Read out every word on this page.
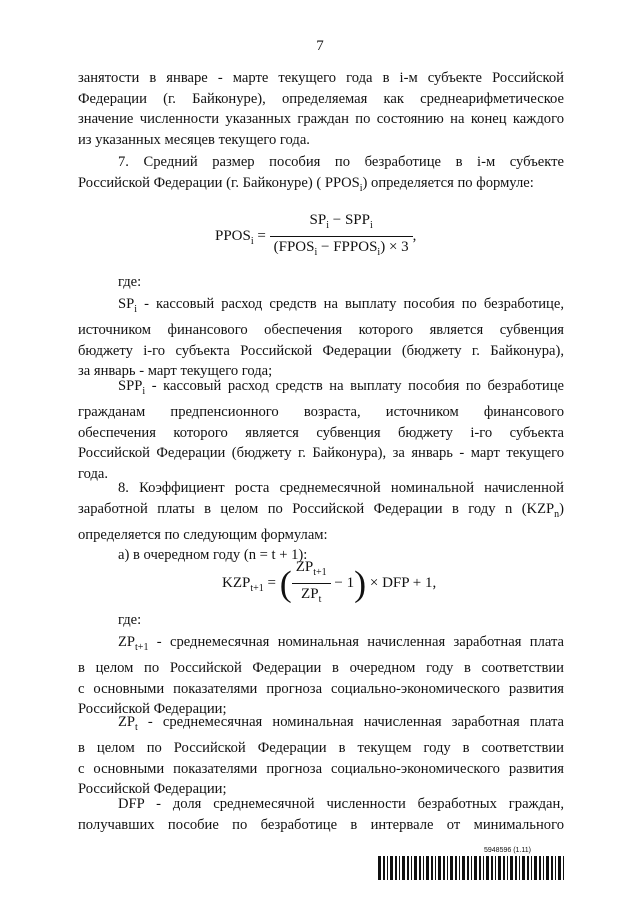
7
занятости в январе - марте текущего года в i-м субъекте Российской
Федерации (г. Байконуре), определяемая как среднеарифметическое
значение численности указанных граждан по состоянию на конец каждого
из указанных месяцев текущего года.
7. Средний размер пособия по безработице в i-м субъекте
Российской Федерации (г. Байконуре) ( $PPOS_i$) определяется по формуле:
$PPOS_i = \frac{SP_i - SPP_i}{(FPOS_i - FPPOS_i) \times 3}$ ,
где:
$SP_i$ - кассовый расход средств на выплату пособия по безработице,
источником финансового обеспечения которого является субвенция
бюджету i-го субъекта Российской Федерации (бюджету г. Байконура),
за январь - март текущего года;
$SPP_i$ - кассовый расход средств на выплату пособия по безработице
гражданам предпенсионного возраста, источником финансового
обеспечения которого является субвенция бюджету i-го субъекта
Российской Федерации (бюджету г. Байконура), за январь - март текущего
года.
8. Коэффициент роста среднемесячной номинальной начисленной
заработной платы в целом по Российской Федерации в году n $(KZP_n)$
определяется по следующим формулам:
а) в очередном году (n = t + 1):
$KZP_{t+1}$ = ( $\frac{ZP_{t+1}}{ZP_t} - 1$) × DFP + 1,
где:
$ZP_{t+1}$ - среднемесячная номинальная начисленная заработная плата
в целом по Российской Федерации в очередном году в соответствии
с основными показателями прогноза социально-экономического развития
Российской Федерации;
$ZP_t$ - среднемесячная номинальная начисленная заработная плата
в целом по Российской Федерации в текущем году в соответствии
с основными показателями прогноза социально-экономического развития
Российской Федерации;
DFP - доля среднемесячной численности безработных граждан,
получавших пособие по безработице в интервале от минимального
5948596 (1.11)
